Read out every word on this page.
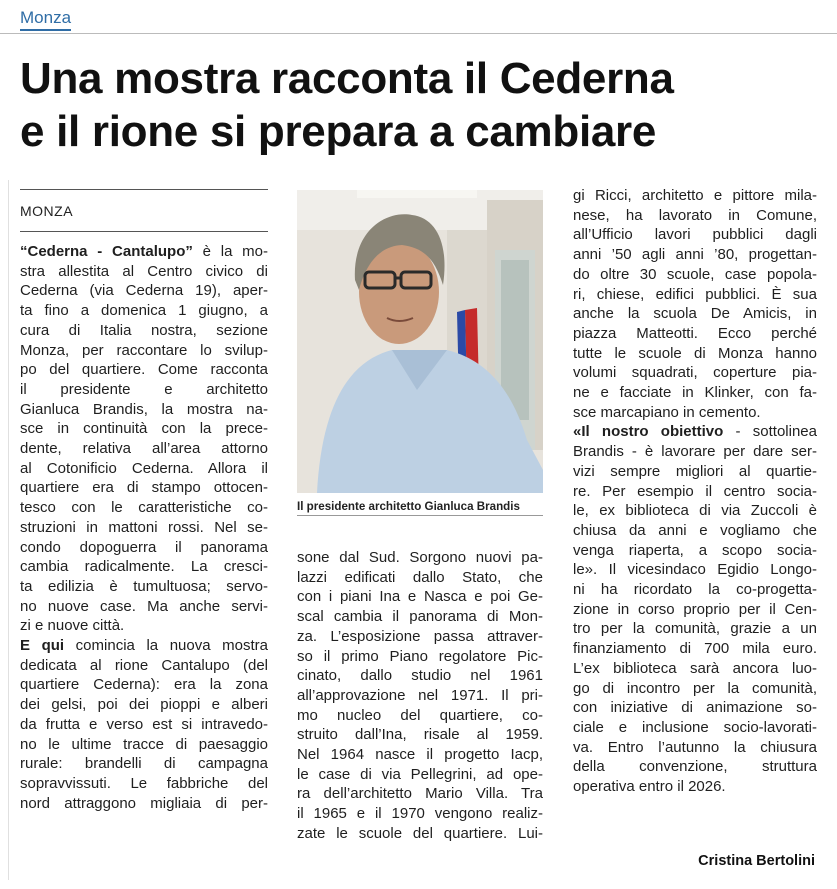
Monza
Una mostra racconta il Cederna
e il rione si prepara a cambiare
MONZA
“Cederna - Cantalupo” è la mo-
stra allestita al Centro civico di
Cederna (via Cederna 19), aper-
ta fino a domenica 1 giugno, a
cura di Italia nostra, sezione
Monza, per raccontare lo svilup-
po del quartiere. Come racconta
il presidente e architetto
Gianluca Brandis, la mostra na-
sce in continuità con la prece-
dente, relativa all’area attorno
al Cotonificio Cederna. Allora il
quartiere era di stampo ottocen-
tesco con le caratteristiche co-
struzioni in mattoni rossi. Nel se-
condo dopoguerra il panorama
cambia radicalmente. La cresci-
ta edilizia è tumultuosa; servo-
no nuove case. Ma anche servi-
zi e nuove città.
E qui comincia la nuova mostra
dedicata al rione Cantalupo (del
quartiere Cederna): era la zona
dei gelsi, poi dei pioppi e alberi
da frutta e verso est si intravedo-
no le ultime tracce di paesaggio
rurale: brandelli di campagna
sopravvissuti. Le fabbriche del
nord attraggono migliaia di per-
Il presidente architetto Gianluca Brandis
sone dal Sud. Sorgono nuovi pa-
lazzi edificati dallo Stato, che
con i piani Ina e Nasca e poi Ge-
scal cambia il panorama di Mon-
za. L’esposizione passa attraver-
so il primo Piano regolatore Pic-
cinato, dallo studio nel 1961
all’approvazione nel 1971. Il pri-
mo nucleo del quartiere, co-
struito dall’Ina, risale al 1959.
Nel 1964 nasce il progetto Iacp,
le case di via Pellegrini, ad ope-
ra dell’architetto Mario Villa. Tra
il 1965 e il 1970 vengono realiz-
zate le scuole del quartiere. Lui-
gi Ricci, architetto e pittore mila-
nese, ha lavorato in Comune,
all’Ufficio lavori pubblici dagli
anni ’50 agli anni ’80, progettan-
do oltre 30 scuole, case popola-
ri, chiese, edifici pubblici. È sua
anche la scuola De Amicis, in
piazza Matteotti. Ecco perché
tutte le scuole di Monza hanno
volumi squadrati, coperture pia-
ne e facciate in Klinker, con fa-
sce marcapiano in cemento.
«Il nostro obiettivo - sottolinea
Brandis - è lavorare per dare ser-
vizi sempre migliori al quartie-
re. Per esempio il centro socia-
le, ex biblioteca di via Zuccoli è
chiusa da anni e vogliamo che
venga riaperta, a scopo socia-
le». Il vicesindaco Egidio Longo-
ni ha ricordato la co-progetta-
zione in corso proprio per il Cen-
tro per la comunità, grazie a un
finanziamento di 700 mila euro.
L’ex biblioteca sarà ancora luo-
go di incontro per la comunità,
con iniziative di animazione so-
ciale e inclusione socio-lavorati-
va. Entro l’autunno la chiusura
della convenzione, struttura
operativa entro il 2026.
Cristina Bertolini
